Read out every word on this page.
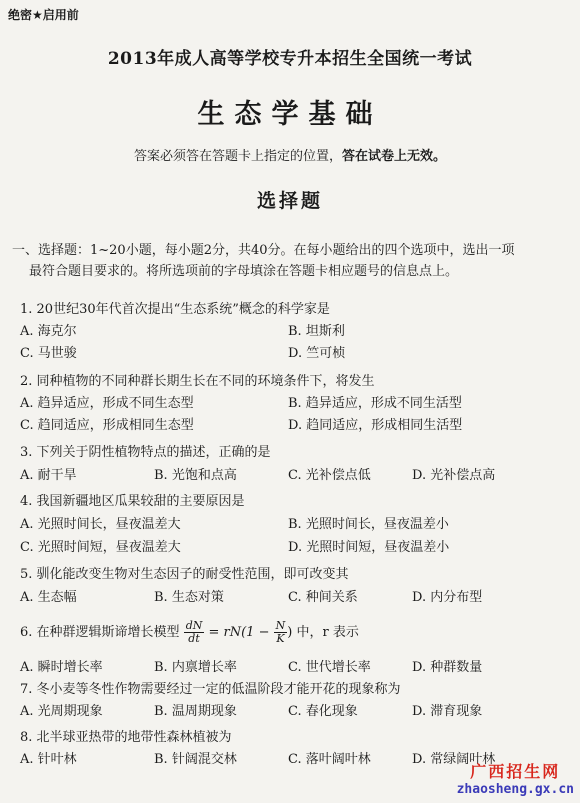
绝密★启用前
2013年成人高等学校专升本招生全国统一考试
生态学基础
答案必须答在答题卡上指定的位置，答在试卷上无效。
选择题
一、选择题：1~20小题，每小题2分，共40分。在每小题给出的四个选项中，选出一项
最符合题目要求的。将所选项前的字母填涂在答题卡相应题号的信息点上。
1. 20世纪30年代首次提出“生态系统”概念的科学家是
A. 海克尔	B. 坦斯利
C. 马世骏	D. 竺可桢
2. 同种植物的不同种群长期生长在不同的环境条件下，将发生
A. 趋异适应，形成不同生态型	B. 趋异适应，形成不同生活型
C. 趋同适应，形成相同生态型	D. 趋同适应，形成相同生活型
3. 下列关于阴性植物特点的描述，正确的是
A. 耐干旱	B. 光饱和点高	C. 光补偿点低	D. 光补偿点高
4. 我国新疆地区瓜果较甜的主要原因是
A. 光照时间长，昼夜温差大	B. 光照时间长，昼夜温差小
C. 光照时间短，昼夜温差大	D. 光照时间短，昼夜温差小
5. 驯化能改变生物对生态因子的耐受性范围，即可改变其
A. 生态幅	B. 生态对策	C. 种间关系	D. 内分布型
6. 在种群逻辑斯谛增长模型 $\frac{dN}{dt} = rN(1 - \frac{N}{K}$ ) 中，r 表示
A. 瞬时增长率	B. 内禀增长率	C. 世代增长率	D. 种群数量
7. 冬小麦等冬性作物需要经过一定的低温阶段才能开花的现象称为
A. 光周期现象	B. 温周期现象	C. 春化现象	D. 滞育现象
8. 北半球亚热带的地带性森林植被为
A. 针叶林	B. 针阔混交林	C. 落叶阔叶林	D. 常绿阔叶林
广西招生网
zhaosheng.gx.cn
